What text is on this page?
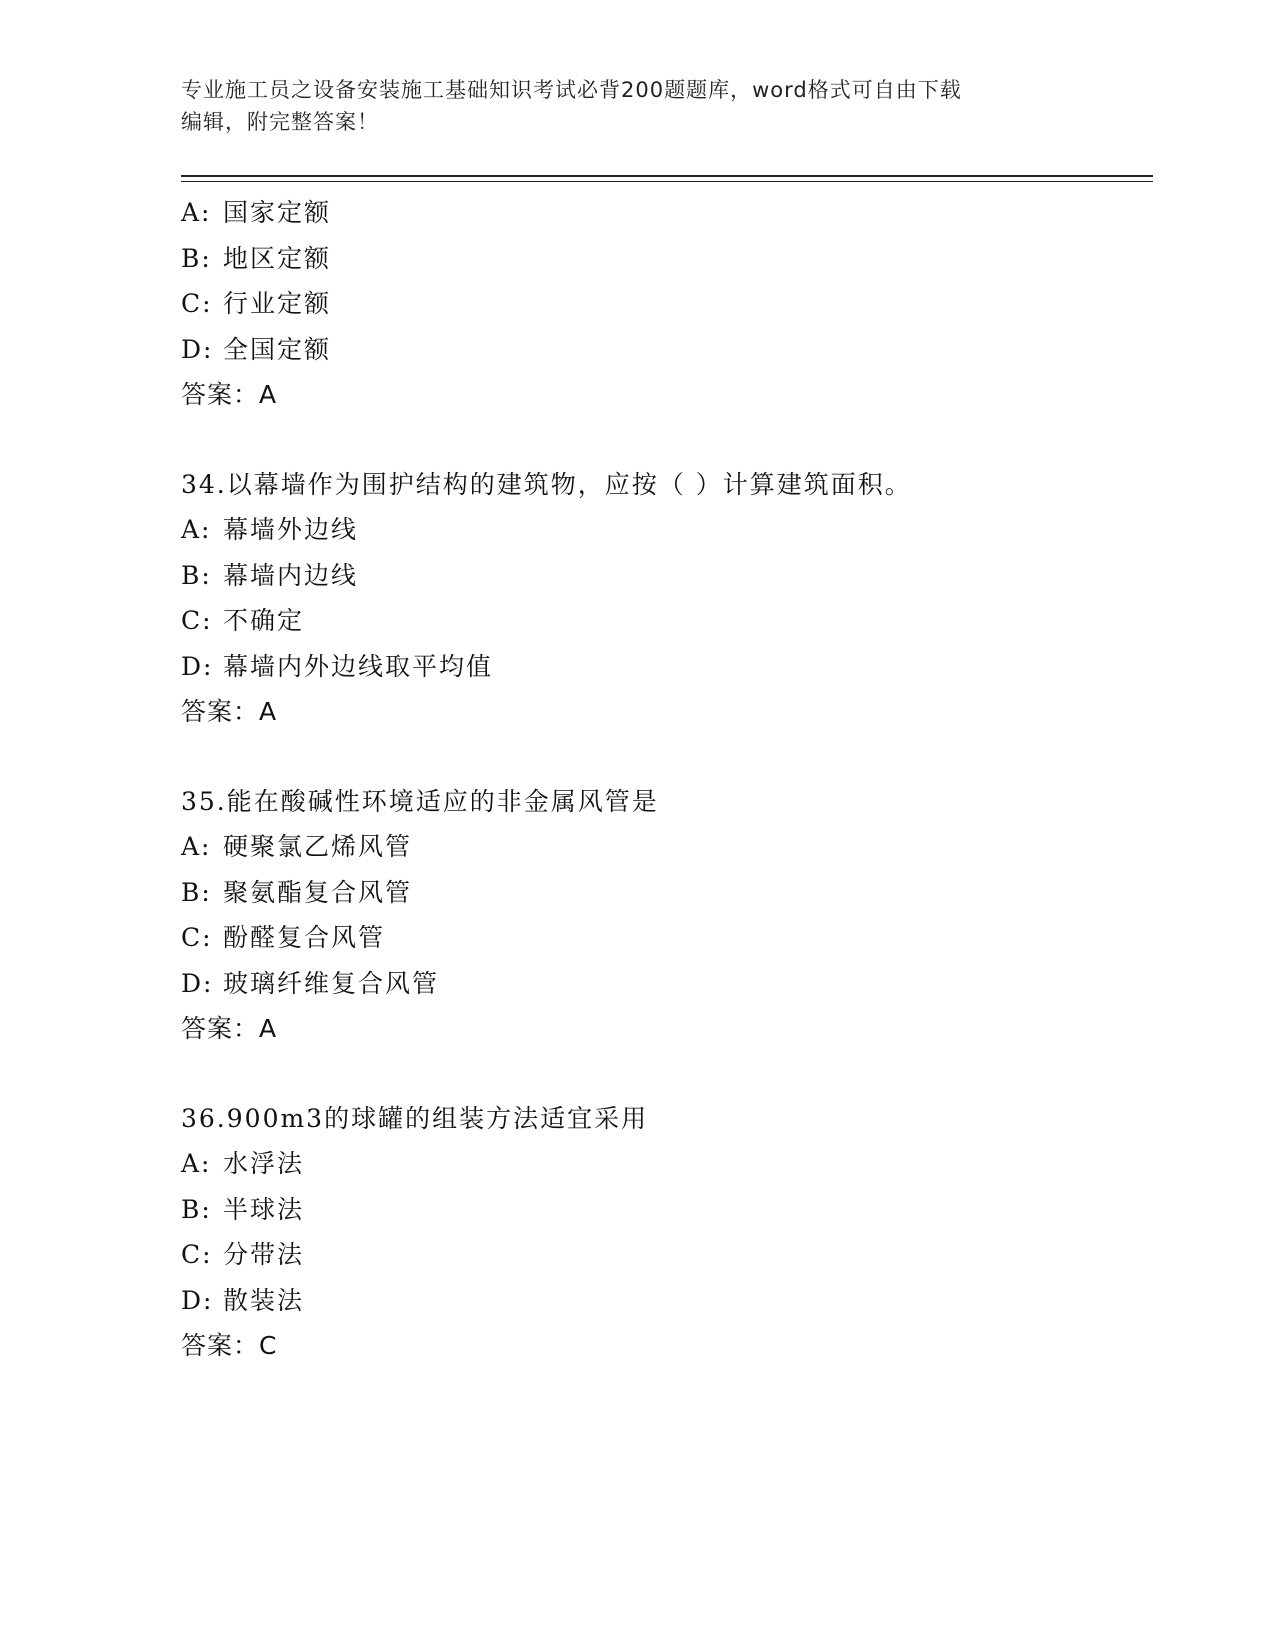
专业施工员之设备安装施工基础知识考试必背200题题库，word格式可自由下载
编辑，附完整答案！
A: 国家定额
B: 地区定额
C: 行业定额
D: 全国定额
答案：A
34.以幕墙作为围护结构的建筑物，应按（ ）计算建筑面积。
A: 幕墙外边线
B: 幕墙内边线
C: 不确定
D: 幕墙内外边线取平均值
答案：A
35.能在酸碱性环境适应的非金属风管是
A: 硬聚氯乙烯风管
B: 聚氨酯复合风管
C: 酚醛复合风管
D: 玻璃纤维复合风管
答案：A
36.900m3的球罐的组装方法适宜采用
A: 水浮法
B: 半球法
C: 分带法
D: 散装法
答案：C
